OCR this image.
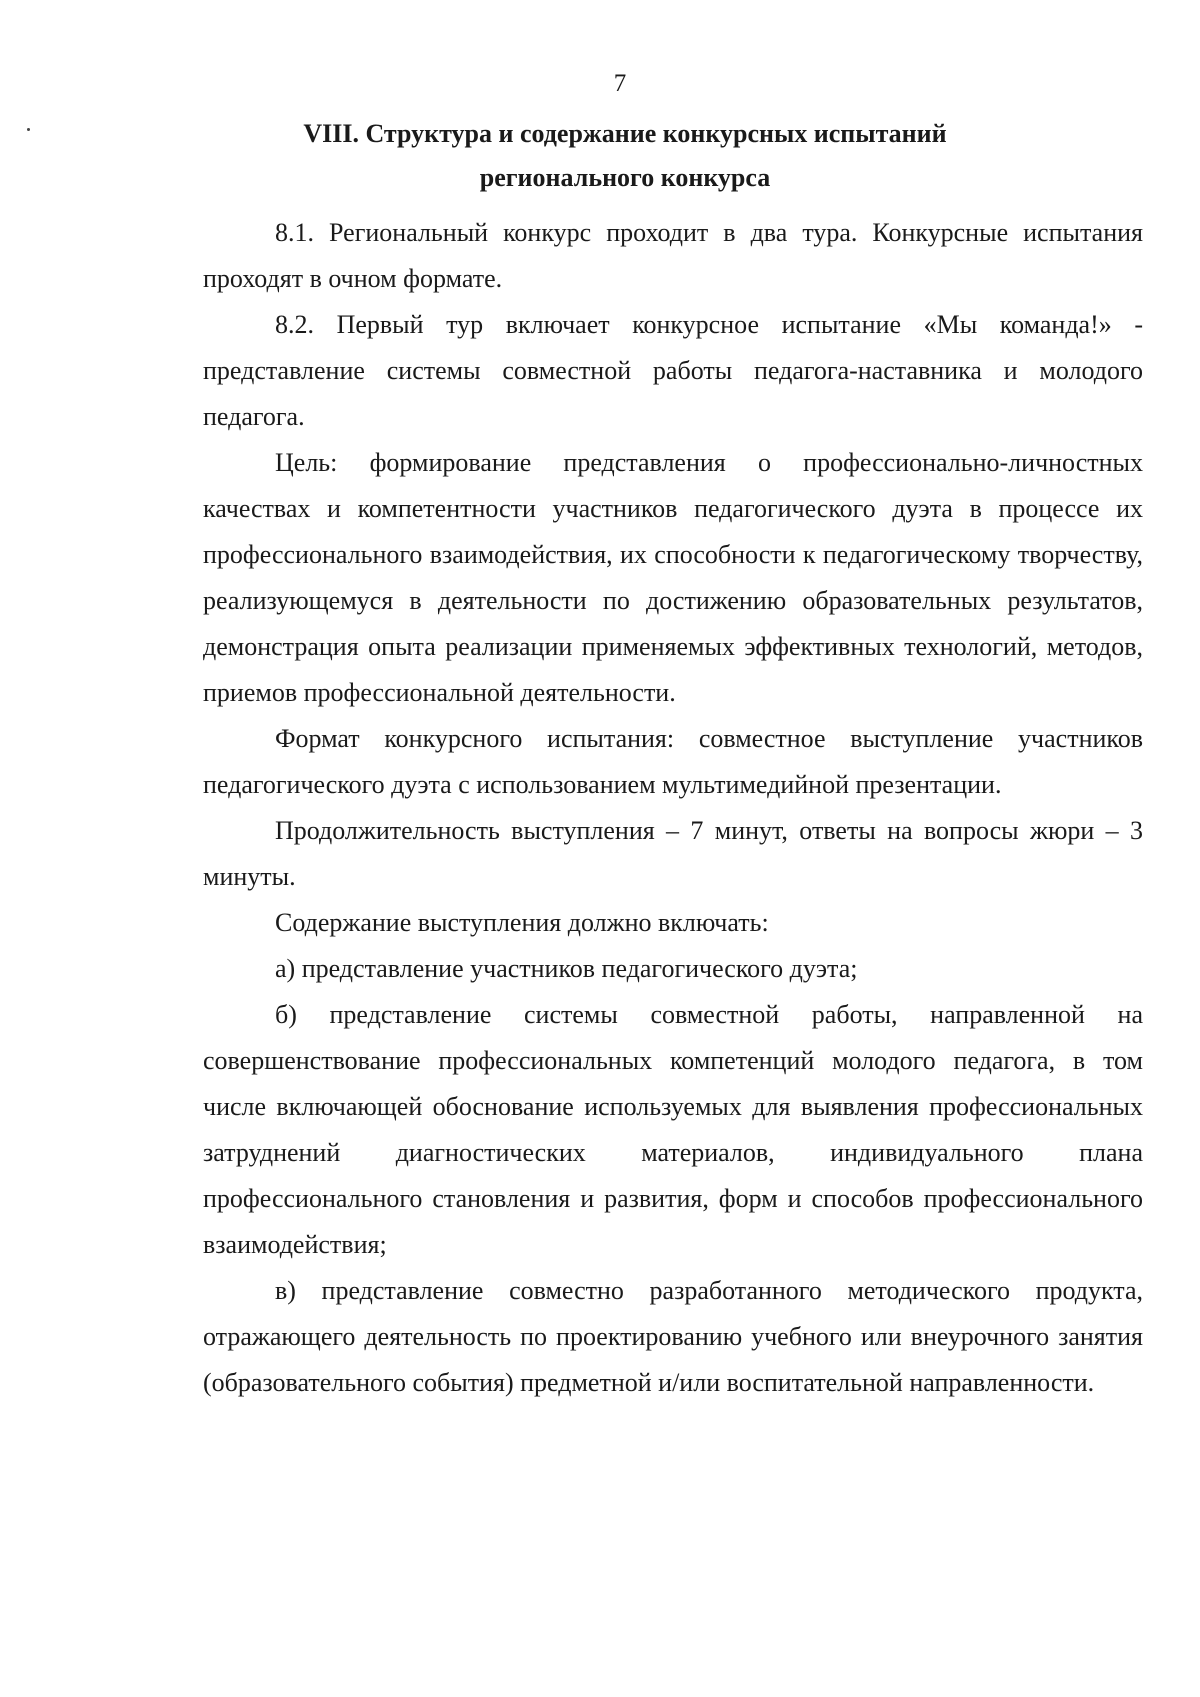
7
VIII. Структура и содержание конкурсных испытаний
регионального конкурса

8.1. Региональный конкурс проходит в два тура. Конкурсные испытания проходят в очном формате.

8.2. Первый тур включает конкурсное испытание «Мы команда!» - представление системы совместной работы педагога-наставника и молодого педагога.

Цель: формирование представления о профессионально-личностных качествах и компетентности участников педагогического дуэта в процессе их профессионального взаимодействия, их способности к педагогическому творчеству, реализующемуся в деятельности по достижению образовательных результатов, демонстрация опыта реализации применяемых эффективных технологий, методов, приемов профессиональной деятельности.

Формат конкурсного испытания: совместное выступление участников педагогического дуэта с использованием мультимедийной презентации.

Продолжительность выступления – 7 минут, ответы на вопросы жюри – 3 минуты.

Содержание выступления должно включать:

а) представление участников педагогического дуэта;

б) представление системы совместной работы, направленной на совершенствование профессиональных компетенций молодого педагога, в том числе включающей обоснование используемых для выявления профессиональных затруднений диагностических материалов, индивидуального плана профессионального становления и развития, форм и способов профессионального взаимодействия;

в) представление совместно разработанного методического продукта, отражающего деятельность по проектированию учебного или внеурочного занятия (образовательного события) предметной и/или воспитательной направленности.
